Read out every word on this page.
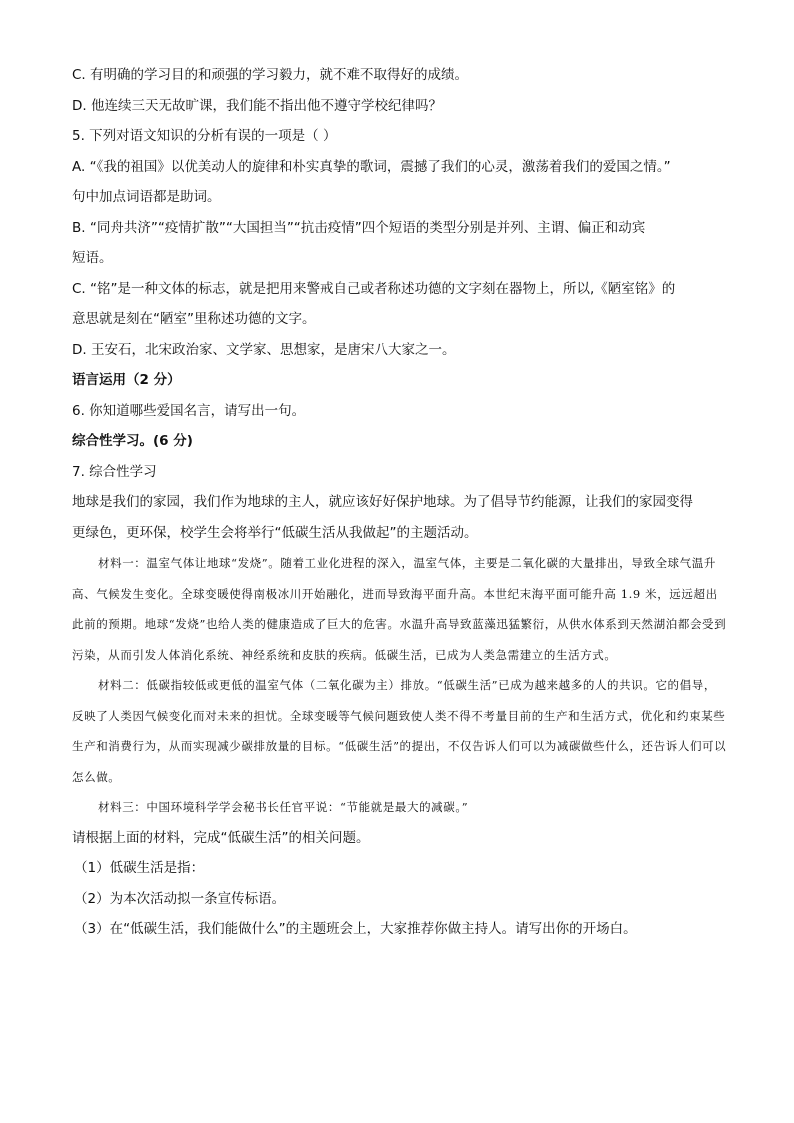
C. 有明确的学习目的和顽强的学习毅力，就不难不取得好的成绩。
D. 他连续三天无故旷课，我们能不指出他不遵守学校纪律吗？
5. 下列对语文知识的分析有误的一项是（ ）
A. “《我的祖国》以优美动人的旋律和朴实真挚的歌词，震撼了我们的心灵，激荡着我们的爱国之情。”
句中加点词语都是助词。
B. “同舟共济”“疫情扩散”“大国担当”“抗击疫情”四个短语的类型分别是并列、主谓、偏正和动宾
短语。
C. “铭”是一种文体的标志，就是把用来警戒自己或者称述功德的文字刻在器物上，所以,《陋室铭》的
意思就是刻在“陋室”里称述功德的文字。
D. 王安石，北宋政治家、文学家、思想家，是唐宋八大家之一。
语言运用（2 分）
6. 你知道哪些爱国名言，请写出一句。
综合性学习。(6 分)
7. 综合性学习
地球是我们的家园，我们作为地球的主人，就应该好好保护地球。为了倡导节约能源，让我们的家园变得
更绿色，更环保，校学生会将举行“低碳生活从我做起”的主题活动。
材料一：温室气体让地球“发烧”。随着工业化进程的深入，温室气体，主要是二氧化碳的大量排出，导致全球气温升高、气候发生变化。全球变暖使得南极冰川开始融化，进而导致海平面升高。本世纪末海平面可能升高 1.9 米，远远超出此前的预期。地球“发烧”也给人类的健康造成了巨大的危害。水温升高导致蓝藻迅猛繁衍，从供水体系到天然湖泊都会受到污染，从而引发人体消化系统、神经系统和皮肤的疾病。低碳生活，已成为人类急需建立的生活方式。
材料二：低碳指较低或更低的温室气体（二氧化碳为主）排放。“低碳生活”已成为越来越多的人的共识。它的倡导，反映了人类因气候变化而对未来的担忧。全球变暖等气候问题致使人类不得不考量目前的生产和生活方式，优化和约束某些生产和消费行为，从而实现减少碳排放量的目标。“低碳生活”的提出，不仅告诉人们可以为减碳做些什么，还告诉人们可以怎么做。
材料三：中国环境科学学会秘书长任官平说：“节能就是最大的减碳。”
请根据上面的材料，完成“低碳生活”的相关问题。
（1）低碳生活是指：
（2）为本次活动拟一条宣传标语。
（3）在“低碳生活，我们能做什么”的主题班会上，大家推荐你做主持人。请写出你的开场白。
